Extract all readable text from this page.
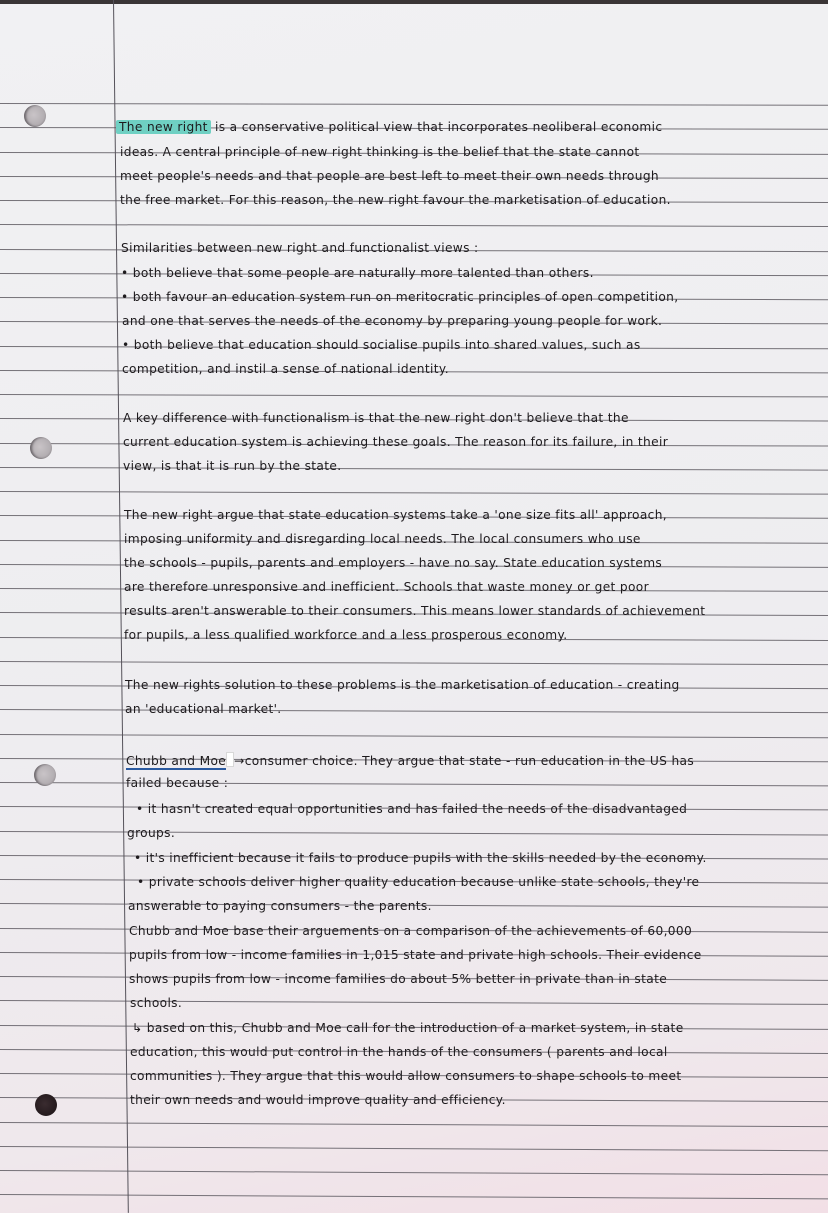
The new right is a conservative political view that incorporates neoliberal economic
ideas. A central principle of new right thinking is the belief that the state cannot
meet people's needs and that people are best left to meet their own needs through
the free market. For this reason, the new right favour the marketisation of education.
Similarities between new right and functionalist views :
• both believe that some people are naturally more talented than others.
• both favour an education system run on meritocratic principles of open competition,
and one that serves the needs of the economy by preparing young people for work.
• both believe that education should socialise pupils into shared values, such as
competition, and instil a sense of national identity.
A key difference with functionalism is that the new right don't believe that the
current education system is achieving these goals. The reason for its failure, in their
view, is that it is run by the state.
The new right argue that state education systems take a 'one size fits all' approach,
imposing uniformity and disregarding local needs. The local consumers who use
the schools - pupils, parents and employers - have no say. State education systems
are therefore unresponsive and inefficient. Schools that waste money or get poor
results aren't answerable to their consumers. This means lower standards of achievement
for pupils, a less qualified workforce and a less prosperous economy.
The new rights solution to these problems is the marketisation of education - creating
an 'educational market'.
Chubb and Moe →consumer choice. They argue that state - run education in the US has
failed because :
• it hasn't created equal opportunities and has failed the needs of the disadvantaged
groups.
• it's inefficient because it fails to produce pupils with the skills needed by the economy.
• private schools deliver higher quality education because unlike state schools, they're
answerable to paying consumers - the parents.
Chubb and Moe base their arguements on a comparison of the achievements of 60,000
pupils from low - income families in 1,015 state and private high schools. Their evidence
shows pupils from low - income families do about 5% better in private than in state
schools.
↳ based on this, Chubb and Moe call for the introduction of a market system, in state
education, this would put control in the hands of the consumers ( parents and local
communities ). They argue that this would allow consumers to shape schools to meet
their own needs and would improve quality and efficiency.
